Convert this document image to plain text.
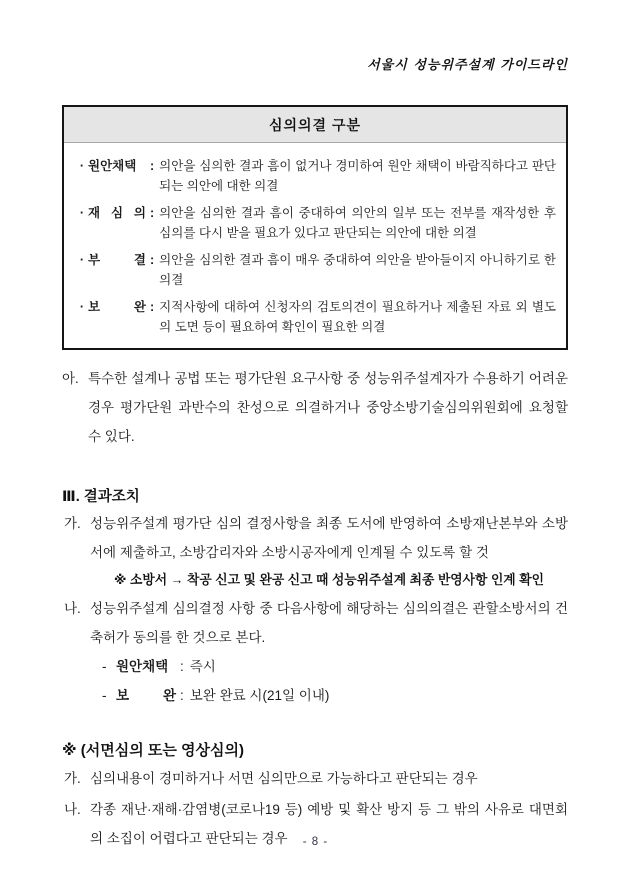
서울시 성능위주설계 가이드라인
심의의결 구분
· 원안채택	: 의안을 심의한 결과 흠이 없거나 경미하여 원안 채택이 바람직하다고 판단되는 의안에 대한 의결
· 재 심 의 : 의안을 심의한 결과 흠이 중대하여 의안의 일부 또는 전부를 재작성한 후 심의를 다시 받을 필요가 있다고 판단되는 의안에 대한 의결
· 부 결 : 의안을 심의한 결과 흠이 매우 중대하여 의안을 받아들이지 아니하기로 한 의결
· 보 완 : 지적사항에 대하여 신청자의 검토의견이 필요하거나 제출된 자료 외 별도의 도면 등이 필요하여 확인이 필요한 의결
아. 특수한 설계나 공법 또는 평가단원 요구사항 중 성능위주설계자가 수용하기 어려운 경우 평가단원 과반수의 찬성으로 의결하거나 중앙소방기술심의위원회에 요청할 수 있다.
Ⅲ. 결과조치
가. 성능위주설계 평가단 심의 결정사항을 최종 도서에 반영하여 소방재난본부와 소방서에 제출하고, 소방감리자와 소방시공자에게 인계될 수 있도록 할 것
※ 소방서 → 착공 신고 및 완공 신고 때 성능위주설계 최종 반영사항 인계 확인
나. 성능위주설계 심의결정 사항 중 다음사항에 해당하는 심의의결은 관할소방서의 건축허가 동의를 한 것으로 본다.
- 원안채택 : 즉시
- 보 완 : 보완 완료 시(21일 이내)
※ (서면심의 또는 영상심의)
가. 심의내용이 경미하거나 서면 심의만으로 가능하다고 판단되는 경우
나. 각종 재난·재해·감염병(코로나19 등) 예방 및 확산 방지 등 그 밖의 사유로 대면회의 소집이 어렵다고 판단되는 경우	- 8 -
